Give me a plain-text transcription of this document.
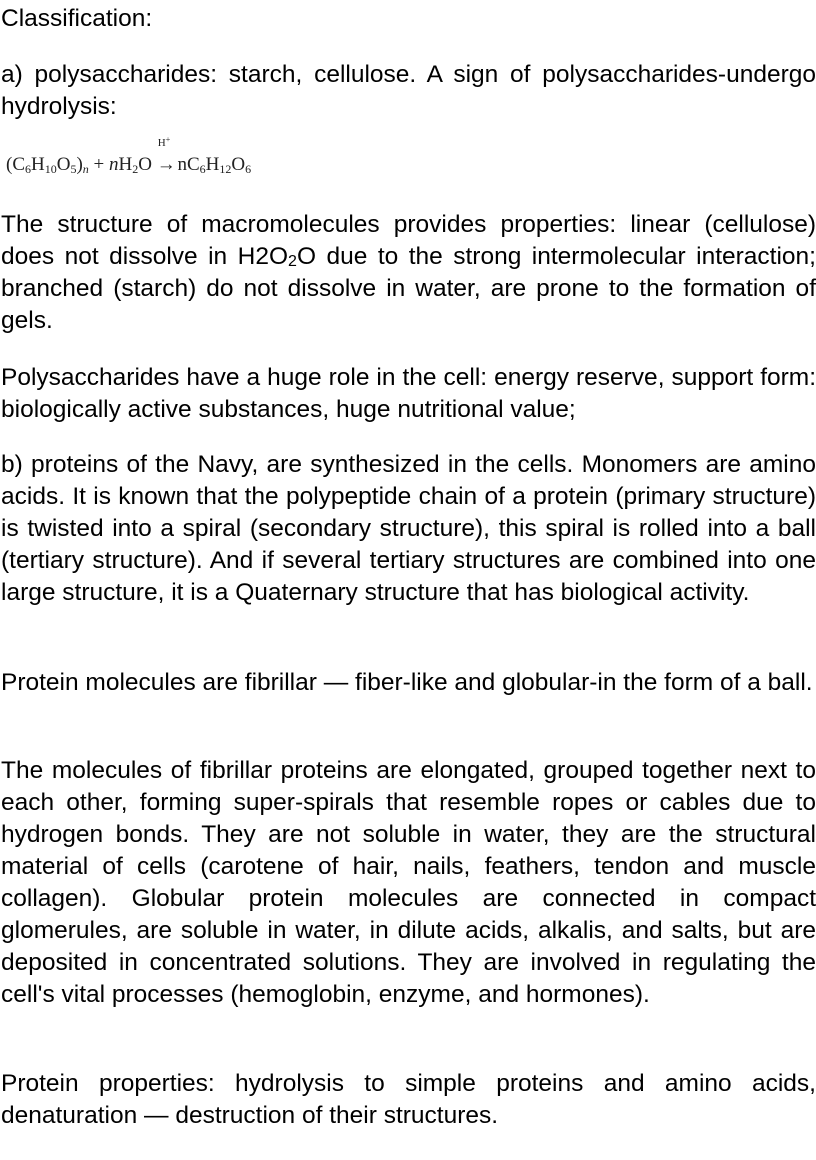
Classification:

a) polysaccharides: starch, cellulose. A sign of polysaccharides-undergo hydrolysis:

$(C_6H_{10}O_5)_n + nH_2O$
H+
→ $nC_6H_{12}O_6$

The structure of macromolecules provides properties: linear (cellulose) does not dissolve in $H2O_2O$ due to the strong intermolecular interaction; branched (starch) do not dissolve in water, are prone to the formation of gels.

Polysaccharides have a huge role in the cell: energy reserve, support form: biologically active substances, huge nutritional value;

b) proteins of the Navy, are synthesized in the cells. Monomers are amino acids. It is known that the polypeptide chain of a protein (primary structure) is twisted into a spiral (secondary structure), this spiral is rolled into a ball (tertiary structure). And if several tertiary structures are combined into one large structure, it is a Quaternary structure that has biological activity.

Protein molecules are fibrillar — fiber-like and globular-in the form of a ball.

The molecules of fibrillar proteins are elongated, grouped together next to each other, forming super-spirals that resemble ropes or cables due to hydrogen bonds. They are not soluble in water, they are the structural material of cells (carotene of hair, nails, feathers, tendon and muscle collagen). Globular protein molecules are connected in compact glomerules, are soluble in water, in dilute acids, alkalis, and salts, but are deposited in concentrated solutions. They are involved in regulating the cell's vital processes (hemoglobin, enzyme, and hormones).

Protein properties: hydrolysis to simple proteins and amino acids, denaturation — destruction of their structures.
